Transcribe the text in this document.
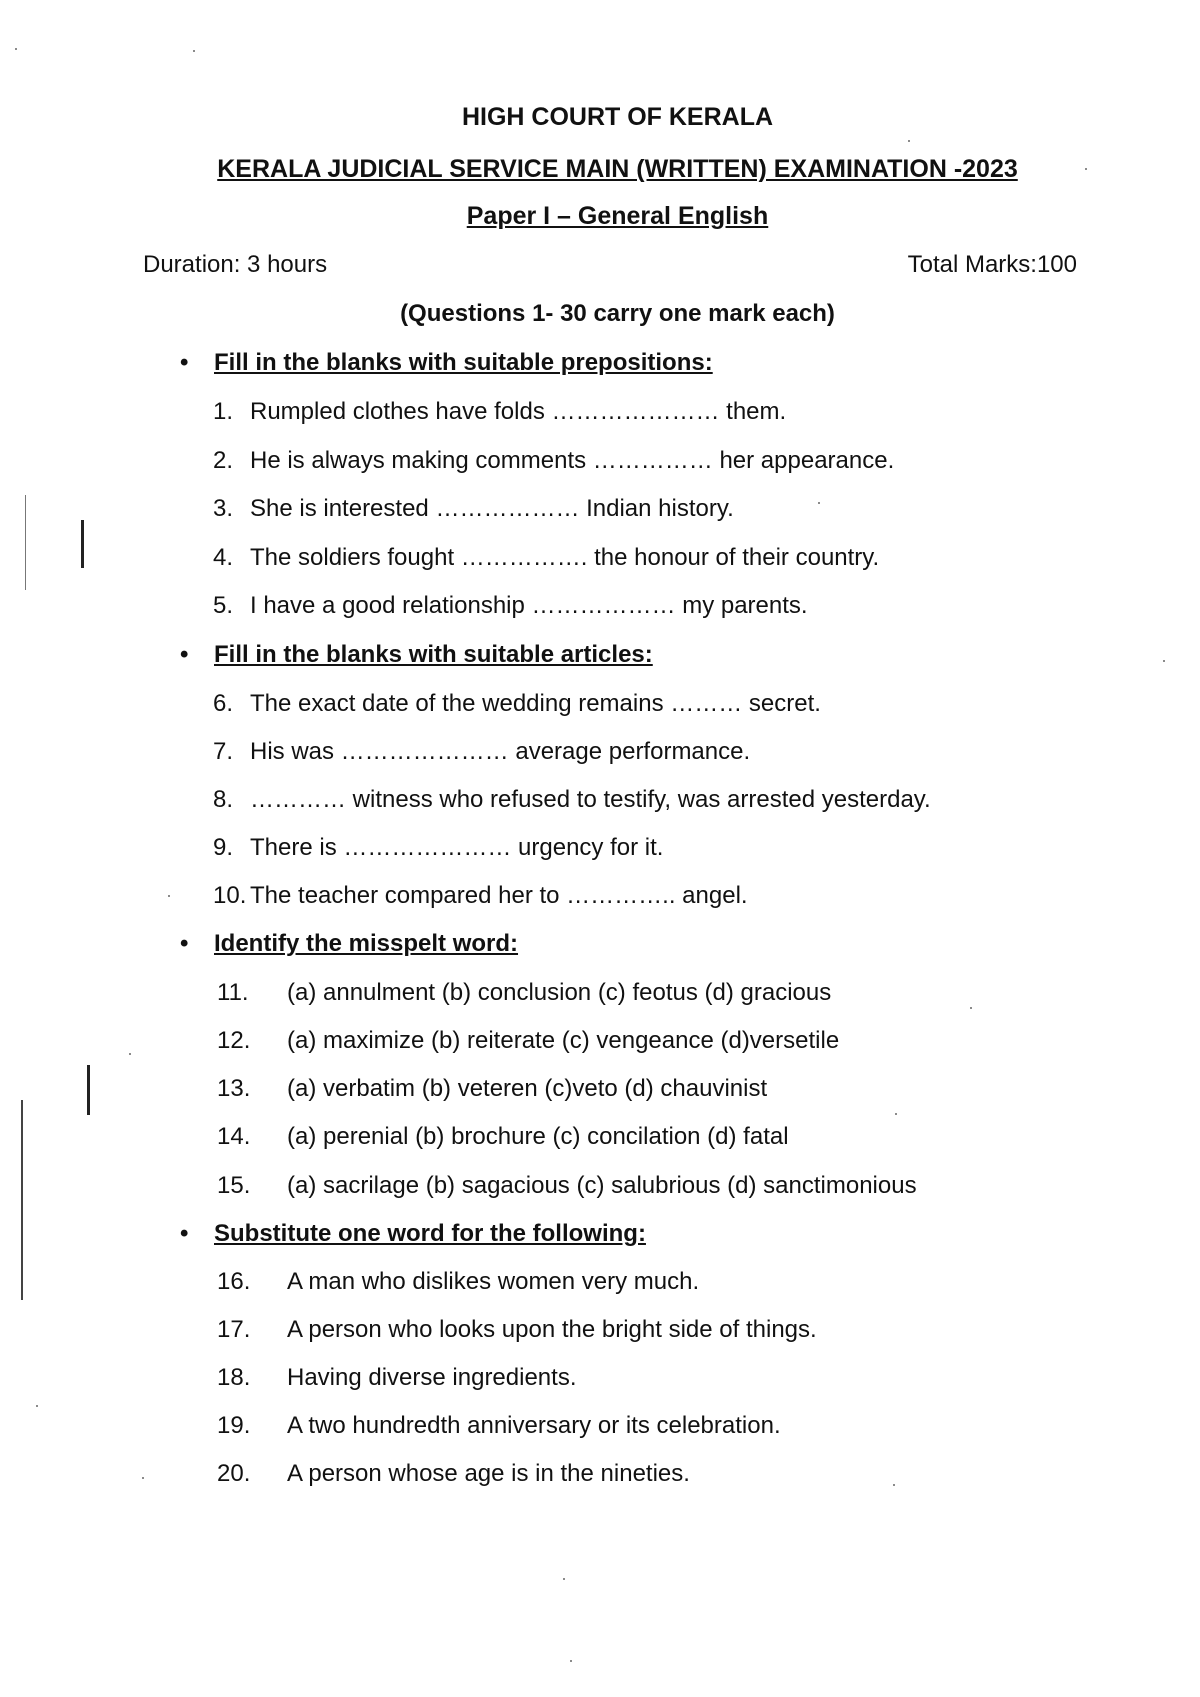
HIGH COURT OF KERALA
KERALA JUDICIAL SERVICE MAIN (WRITTEN) EXAMINATION -2023
Paper I – General English
Duration: 3 hours	Total Marks:100
(Questions 1- 30 carry one mark each)
• Fill in the blanks with suitable prepositions:
1. Rumpled clothes have folds ………………… them.
2. He is always making comments …………… her appearance.
3. She is interested ……………… Indian history.
4. The soldiers fought ……………. the honour of their country.
5. I have a good relationship ……………… my parents.
• Fill in the blanks with suitable articles:
6. The exact date of the wedding remains ……… secret.
7. His was ………………… average performance.
8. ………… witness who refused to testify, was arrested yesterday.
9. There is ………………… urgency for it.
10. The teacher compared her to ………….. angel.
• Identify the misspelt word:
11. (a) annulment (b) conclusion (c) feotus (d) gracious
12. (a) maximize (b) reiterate (c) vengeance (d)versetile
13. (a) verbatim (b) veteren (c)veto (d) chauvinist
14. (a) perenial (b) brochure (c) concilation (d) fatal
15. (a) sacrilage (b) sagacious (c) salubrious (d) sanctimonious
• Substitute one word for the following:
16. A man who dislikes women very much.
17. A person who looks upon the bright side of things.
18. Having diverse ingredients.
19. A two hundredth anniversary or its celebration.
20. A person whose age is in the nineties.
